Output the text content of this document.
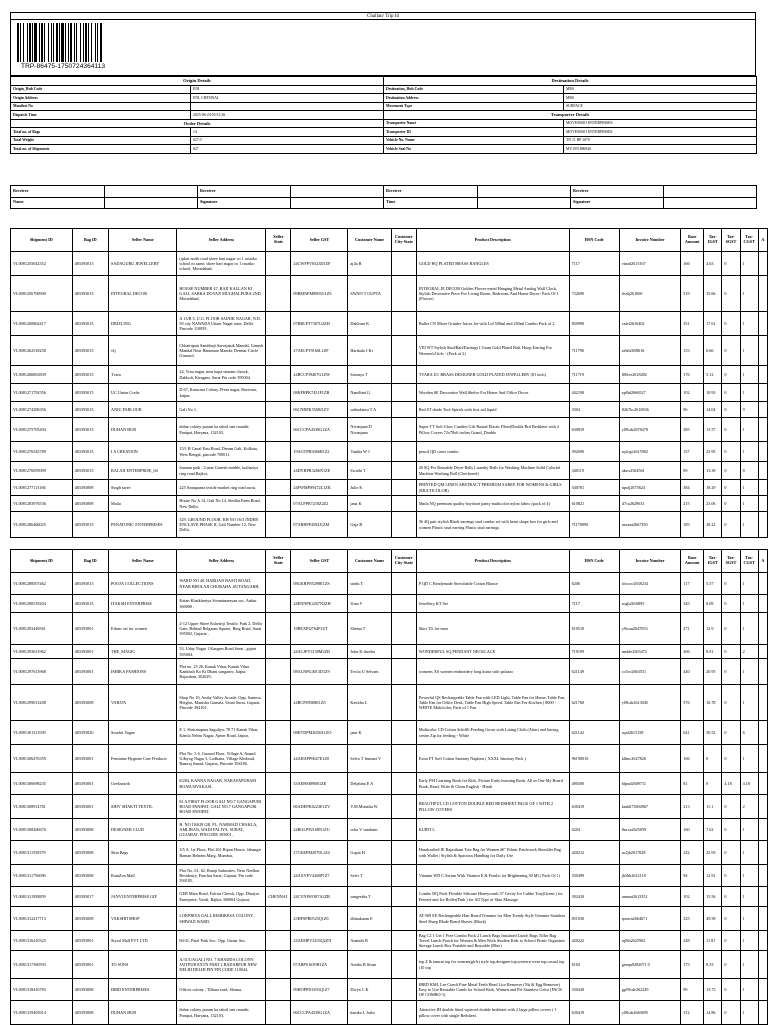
Challan/ Trip Id
TRP-86475-1750724364113
Origin Details		Destination Details	
Origin_Hub Code	ENI	Destination_Hub Code	MRS
Origin Address	ENI, CHENNAI	Destination Address	MRS
Manifest No		Movement Type	SURFACE
Dispatch Time	2025-06-24 05:51:26	Transporter Details	
Order Details		Transporter Name	MOVEMSJO ENTERPRISES
Total no. of Bags	14	Transporter ID	MOVEMSJO ENTERPRISES
Total Weight	627.0	Vehicle No. Name	TN 11 BP 1670
Total no. of Shipments	627	Vehicle Seal No	MY1051886S26
Receiver		Receiver		Receiver		Receiver	
Name		Signature		Time		Signature	
Shipment ID	Bag ID	Seller Name	Seller Address	Seller State	Seller GST	Customer Name	Customer City-State	Product Description	HSN Code	Invoice Number	Base Amount	Tax-IGST	Tax-SGST	Tax-CGST	A
VL0081255042352	483393015	SADAGURU JEWELLERY	(qdari north road shree hari nagar co 1 rasaiko school ni same, shree hari nagar co 1 rasaiko school, Moradabad,		24CWFPV6523D1ZF	ajila B		GOLD HQ PLATED BRASS BANGLES	7117	vinad2615167	166	4.63	0	1	
VL0081256709900	483393015	INTEGRAL DECOR	HOUSE NUMBER 47, RAJI KALLAN KI GALI, SARKA DOVAN MUGHALPURA 2ND, Moradabad,		09BMNPM8905G1ZS	SWATI T GUPTA		INTEGRAL JE DECOR Golden Flower metal Hanging Metal Analog Wall Clock, Stylish Decorative Piece For Living Room, Bedroom, And Home Decor- Pack Of 1 (Flower)	732690	lisalj261000	519	35.66	0	1	
VL0081260862417	483393015	DRIZLING	A 13/B 3, U.G. FLOOR SAINIK NAGAR, N.D. 59 city NAWADA Uttam Nagar state, Delhi Pincode 110059 ,		07BBLPT7367G2ZH	Dahlrani K		Bullet CN Mixer Grinder Juicer Jar with Lid 500ml and 250ml Combo Pack of 2	850990	calef2616402	351	17.61	0	1	
VL0081262518258	483393015	vIj	Chhatrapati Sambhaji Sarvajanik Mandal, Ganesh Mandal Near Hanuman Mandir, Dermar Circle Girnarol,		27AELPT9166L1ZF	Harikala J Kr		VEI WT Stylish Stud/Bali/Earrings I Gram Gold Plated Bali, Hoop Earring For Women's/Girls - (Pack of 2)	711790	zebh2658616	153	6.66	0	1	
VL0081266863839	483393015	Tvara	24, Vrau nagar, near bapa sitaram chowk, Dabholi, Kiragam, Surat Pin code 395004,		24BCCPJ9467G1ZW	Saranya T		TVARA UC BRASS DESIGNER GOLD PLATED JEWELLERY (81 inch)	711719	fl8ltvr2618282	176	5.12	0	1	
VL0081271792556	483393015	UC Union Crafts	D 67, Kanwani Colony, Prem nagar, Borivara, Jaipur,		08KFRPK7451F1ZB	Nandhini G		Wooden SE Decorative Wall Shelve For Home And Office Decor	442190	zp8td2666527	102	10.93	0	1	
VL0081274286356	483393015	ANIU PARLOUR	Gali No 1,		06CNRPK5508J1ZV	sathudaimi T A		Red ST shade Tool Spirals with first aid liquid	3304	82b7kc2616936	96	14.04	0	9	
VL0081275705494	483393015	DUHAN HUB	duhar colony puram ka tahsil smi raundir, Panipat, Haryana, 132103,		06CCCPA4338G1ZA	Nivanjana D Nivanjana		Super TT Soft Glow Candies Gift Round Elastic Fibre(Double Brd Bedsheet with 2 Pillow Covers 72x78x6 inches Grand_Double	630819	yl9lsdr2678470	285	13.57	0	1	
VL0081276545789	483393015	I A CREATION	15/1 B Canal East Road, Dream Gali, Kolkata, West Bengal, pincode 700011,		19AGTPH4366R1Z2	Vaniha W J		pencil QD cases combo	392690	sq2cge2615902	157	25.95	0	1	
VL0081276095099	483393015	BALAJI ENTERPRISE_04	Saratan path : 2,near Ganesh marble, kothariya ring road,Rajkot,		24DYBPR3266N1ZE	Swathi T		20 SQ Pcs Reusable Dryer Balls Laundry Balls for Washing Machine Solid Colorful Machine Washing Ball (Checkered)	340119	aksrr2564561	89	13.38	0	8	
VL0081277113166	483393008	Singh saree	225 Annapurna textile market ring road surat,		24FWMPS9472L1ZK	Julie K		PRINTED QM LINEN ABSTRACT PREMIUM SAREE FOR WOMENS & GIRLS (MULTICOLOR)	540781	npxlj2675624	384	18.29	0	1	
VL0081283976536	483393008	Maila	House No A 14, Gali No 14, Sindhu Farm Road, New Delhi,		07ALFPR7218Z2Z2	jana K		Maila NQ premium quality boyshort panty multicolor nylon fabric (pack of 4)	610821	il7ca2629631	215	23.06	0	1	
VL0081286466025	483393015	PENATONIC ENTERPRISES	329, GROUND FLOOR, KH NO 16/3 INDER ENCLAVE PHASE II, Gali Number 12, New Delhi,		07ARBPP4594J1ZM	Gaja R		36 4Q pair stylish Black earrings stud combo set with heart shape box for girls and women Plastic stud earring Plastic stud earrings	71170090	nexant2667350	185	28.22	0	1	
Shipment ID	Bag ID	Seller Name	Seller Address	Seller State	Seller GST	Customer Name	Customer City-State	Product Description	HSN Code	Invoice Number	Base Amount	Tax-IGST	Tax-SGST	Tax-CGST	A
VL0081288507462	483393015	POOJA COLLECTIONS	WARD NO 40, HARIJAN BASTI ROAD, NEAR BHOLAJI CHORAHA ,SUTANGARH,		08GKBPN5298E1ZS	sindu T		P QD C Readymade Stretchable Cotton Blouse	6206	sltccoc2638234	117	5.57	0	1	
VL0081290518204	483393015	ITAKSH ENTERPRISE	Ketan Khatkhariya Sivaminarayan soc, Ankur 360000 ,		24ENNPK2267N2ZH	Uma V		Jewellery KT Set	7117	sogb2616895	345	8.08	0	1	
VL0081293449561	483393001	Ethnic set for women	2-12 Upper Shree Kshetriji Textile, Park 2, Delhi Gate, Behind Belgaum Square, Ring Road, Surat 395002, Gujarat ,		19BEXPI2764P1ZT	Shema T		Skirt TG for men	610510	y9wau2647053	271	12.9	0	1	
VL0081293631962	483393001	THE_MAGIC	53, Uday Nagar 1 Kargam Road Surat , gujrat 395004,		24ACJPV3130M2ZB	John K sheeba		WONDERFUL SQ PENDANT NECKLACE	710199	tmdde2565472	306	8.91	0	2	
VL0081297613968	483393001	ISHIKA FASHIONS	Plot no. 25 26, Kanak Vihar, Kanak Vihar Kankhali Ko Ki Dhani sanganer, Jaipur, Rajasthan, 302029,		08ALNPG4013D1Z9	Tecito U Selvam		womens XS women embroidery long kurta with palazzo	621149	cc5co2663551	440	20.95	0	1	
VL0081299613208	483393008	VARITA	Shop No 10, Amby Valley Arcade, Opp. Santosa Heights, Manisha Garnala. Umra Surat, Gujarat, Pincode 394101,		24BCPS9568E1Z0	Kavitha L		Powerful QS Rechargeable Table Fan with LED Light, Table Fan for Home, Table Fan, Table Fan for Office Desk, Table Fan High Speed, Table Fan For Kitchen ( 8000 - WHITE Multicolor, Pack of 1 Fan	621760	yl9lsdr2613045	576	16.78	0	1	
VL0081301311939	483393020	Sourkit Vogue	E 1, Shrirampura Saguliya, 78 71 Kanak Vihar, Kamla Nehru Nagar, Ajmer Road, Jaipur,		08KTDPM2658A1ZO	jane K		Multicolor CD Cotton Schiffli Feeding Gown with Lining Cloth (Attar) and having centre Zip for feeding - White	621142	sqid2615158	641	30.52	0	6	
VL0081306476359	483393001	Feminine Hygiene Care Products	Plot No. 5 6, Ground Floor, Village A, Anand Udhyog Nagar 3, Lodhana, Village Khobrail, Ramraj Sanad, Gujarat, Pincode 394180,		24AHAPP0647E1Z0	Selvo T Irumari V		Extra FT Soft Cotton Sanitary Napkins ( XXXL Sanitary Pack )	96190010	kllmc2627826	166	0	0	1	
VL0081306698235	483393001	Geeksearth	8/284, KANNA NAGAR, NARAYAPURAM ROAD,SIVAKASI,		33AEHSI890R1ZE	Delphina E A		Early FM Learning Book for Kids, Picture Early learning Book, All in One My Board Book, Read, Write & Clean English - Hindi	490300	bfpud2609711	81	0	4.18	4.18	
VL0081308914781	483393001	SHIV SHAKTI TEXTIL	81 A FIRST FLOOR GALI NO.7 GANGAPURI ROAD PANIPAT, GALI NO.7 GANGAPURI ROAD PANIPAT,		06ADEPK6223E1ZV	V.M.Monalia W		BEAUTIFUL CD COTTON DOUBLE BED BEDSHEET PACK OF 1 WITH 2 PILLOW COVERS	630419	kink673694967	213	11.1	0	2	
VL0081308206676	483393008	DESIGNER CLUB	H. NO 10/629 GR. FL. NARMAD CHAKLA, AMLIRAN, WADI FALIYA, SURAT, GUJARAT, PINCODE 395001 ,		24BGLPP2168N1ZU	soha V sundarni		KURTI L	6204	8ncca2625059	160	7.62	0	1	
VL0081311558379	483393008	Skin Bags	3/5 A, 1st Floor, Plot 261 Ripon House, Jahangir Baman Behram Marg, Mumbai,		27CKEPM2070L1Z4	Gupta H		Handcrafted IE Rajasthani Tote Bag for Women â€" Ethnic Patchwork Shoulder Bag with Wallet | Stylish & Spacious Handbag for Daily Use	420212	ac2jb2617828	242	25.93	0	1	
VL0081311756096	483393008	RainZon Mall	Plot No. 61, 62, Ramji Industries, Near Neelkar Residency, Panchat Sarai, Gujarat, Pin code 394185,		24AXYPV4268P1Z7	Selvi T		Vitamin WD C Serum With Vitamin E & Ferulic for Brightening 30 Ml ( Pack Of 1)	330499	jh5bb2612118	94	12.91	0	1	
VL0081311958859	483393017	JANVI ENTERPRISE GIF	GEB Main Road, Falcon Chowk, Opp. Dhaiyar Enterprise, Vavdi, Rajkot 360004 Gujarat,	CHENNAI	24CYNPS5387A2ZR	sangeetha T		Combo DQ Pack Flexible Silicone Honeycomb 37 Cavity Ice Cubbe Tray(Green ) for Freezer and Ice Roller(Pink ) for All Type of Skin Massage	392410	annnai2613351	102	15.56	0	1	
VL0081312217713	483393008	VAKSHITSHOP	LOKPRIYA GALI, RISHIKESA COLONY , SHIWAJI WARD,		23HPSPB0525Q1Z6	dhinakaran E		AT-509 EE Rechargeable Hair Beard Trimmer for Men Trendy Style Trimmer Stainless Steel Sharp Blade Beard Shaver (Black)	851030	spmcn2664671	325	49.58	0	1	
VL0081316410325	483393001	Styral Mall PVT LTD	60/41, Patel Park Soc, Opp. Girnar Soc.		24AEMPV3253Q2ZN	Ananthi B		Bag C2 1 Get 1 Free Combo Pack 2 Lunch Bags Insulated Lunch Bags Tiffin Bag Travel Lunch Pouch for Women & Men Work Student Kids to School Picnic Organizer Storage Lunch Box Portable and Reusable (Blue)	420222	rq9ib2625902	248	11.81	0	1	
VL0081317360593	483393001	TO SONS	A/31/UAGALI NO. 7 KHADDA COLONY JAITPUR EXTN PART 2 BADARPUR NEW DELHI DELHI PIN PIN CODE 110044,		07ABPS1639H1ZA	Anitha B Sivan		top Z & tamrat top for women(girls) style top,designer top,western wear top,casual top (10 top	6104	genqu9282071 0	175	8.33	0	1	
VL0081318416783	483393008	IBRD ENTERPRISES	Officer colony , Tilhara road, Shama,		09HOPPD1293Q1Z7	Divya C K		IBRD KML Lee Comfi Fine Metal Teeth Head Lice Remover (Nit & Egg Remover) Easy to Use Reusable Comb for School Kids, Women and Pet Stainless Color (PACK OF COMBO-1)	330430	gp59cde262249	99	13.73	0	1	
VL0081319403914	483393008	DUHAN HUB	duhar colony puram ka tahsil smi raundir, Panipat, Haryana, 132103,		06CCCPA4338G1ZA	kanika L Joshi		Attractive IH double fitted wpieced double bedsheet with 2 large pillow covers ( 1 pillow cover with single Bedsheet.	630419	yl9lsdr2640695	312	14.86	0	1	
